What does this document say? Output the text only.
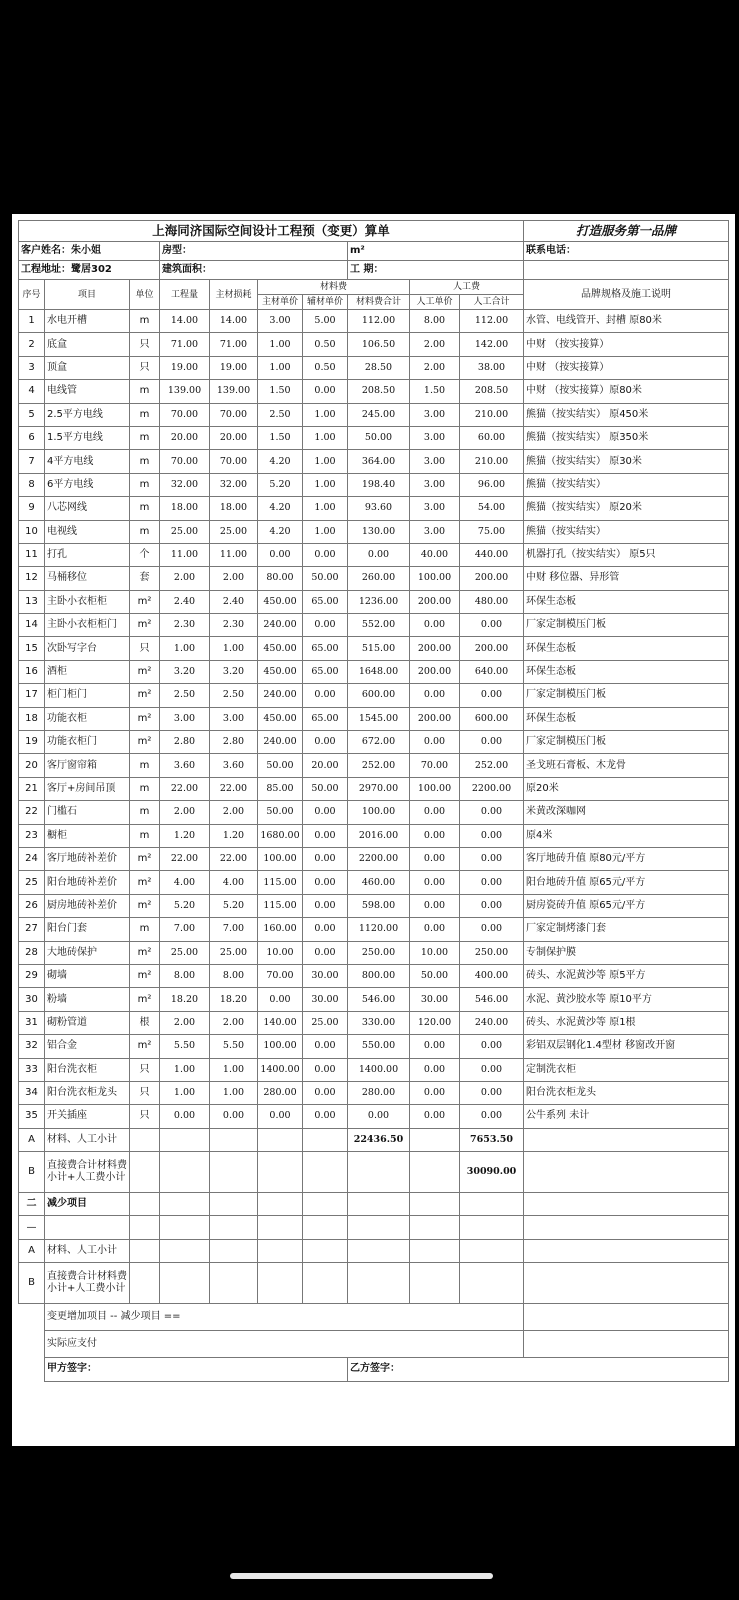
上海同济国际空间设计工程预（变更）算单										打造服务第一品牌
客户姓名：朱小姐			房型：				m²			联系电话：
工程地址：鹭居302			建筑面积：				工 期：			
序号	项目	单位	工程量	主材损耗	材料费			人工费		品牌规格及施工说明
					主材单价	辅材单价	材料费合计	人工单价	人工合计	
1	水电开槽	m	14.00	14.00	3.00	5.00	112.00	8.00	112.00	水管、电线管开、封槽 原80米
2	底盒	只	71.00	71.00	1.00	0.50	106.50	2.00	142.00	中财 （按实接算）
3	顶盒	只	19.00	19.00	1.00	0.50	28.50	2.00	38.00	中财 （按实接算）
4	电线管	m	139.00	139.00	1.50	0.00	208.50	1.50	208.50	中财 （按实接算）原80米
5	2.5平方电线	m	70.00	70.00	2.50	1.00	245.00	3.00	210.00	熊猫（按实结实） 原450米
6	1.5平方电线	m	20.00	20.00	1.50	1.00	50.00	3.00	60.00	熊猫（按实结实） 原350米
7	4平方电线	m	70.00	70.00	4.20	1.00	364.00	3.00	210.00	熊猫（按实结实） 原30米
8	6平方电线	m	32.00	32.00	5.20	1.00	198.40	3.00	96.00	熊猫（按实结实）
9	八芯网线	m	18.00	18.00	4.20	1.00	93.60	3.00	54.00	熊猫（按实结实） 原20米
10	电视线	m	25.00	25.00	4.20	1.00	130.00	3.00	75.00	熊猫（按实结实）
11	打孔	个	11.00	11.00	0.00	0.00	0.00	40.00	440.00	机器打孔（按实结实） 原5只
12	马桶移位	套	2.00	2.00	80.00	50.00	260.00	100.00	200.00	中财 移位器、异形管
13	主卧小衣柜柜	m²	2.40	2.40	450.00	65.00	1236.00	200.00	480.00	环保生态板
14	主卧小衣柜柜门	m²	2.30	2.30	240.00	0.00	552.00	0.00	0.00	厂家定制模压门板
15	次卧写字台	只	1.00	1.00	450.00	65.00	515.00	200.00	200.00	环保生态板
16	酒柜	m²	3.20	3.20	450.00	65.00	1648.00	200.00	640.00	环保生态板
17	柜门柜门	m²	2.50	2.50	240.00	0.00	600.00	0.00	0.00	厂家定制模压门板
18	功能衣柜	m²	3.00	3.00	450.00	65.00	1545.00	200.00	600.00	环保生态板
19	功能衣柜门	m²	2.80	2.80	240.00	0.00	672.00	0.00	0.00	厂家定制模压门板
20	客厅窗帘箱	m	3.60	3.60	50.00	20.00	252.00	70.00	252.00	圣戈班石膏板、木龙骨
21	客厅+房间吊顶	m	22.00	22.00	85.00	50.00	2970.00	100.00	2200.00	原20米
22	门槛石	m	2.00	2.00	50.00	0.00	100.00	0.00	0.00	米黄改深咖网
23	橱柜	m	1.20	1.20	1680.00	0.00	2016.00	0.00	0.00	原4米
24	客厅地砖补差价	m²	22.00	22.00	100.00	0.00	2200.00	0.00	0.00	客厅地砖升值 原80元/平方
25	阳台地砖补差价	m²	4.00	4.00	115.00	0.00	460.00	0.00	0.00	阳台地砖升值 原65元/平方
26	厨房地砖补差价	m²	5.20	5.20	115.00	0.00	598.00	0.00	0.00	厨房瓷砖升值 原65元/平方
27	阳台门套	m	7.00	7.00	160.00	0.00	1120.00	0.00	0.00	厂家定制烤漆门套
28	大地砖保护	m²	25.00	25.00	10.00	0.00	250.00	10.00	250.00	专制保护膜
29	砌墙	m²	8.00	8.00	70.00	30.00	800.00	50.00	400.00	砖头、水泥黄沙等 原5平方
30	粉墙	m²	18.20	18.20	0.00	30.00	546.00	30.00	546.00	水泥、黄沙胶水等 原10平方
31	砌粉管道	根	2.00	2.00	140.00	25.00	330.00	120.00	240.00	砖头、水泥黄沙等 原1根
32	铝合金	m²	5.50	5.50	100.00	0.00	550.00	0.00	0.00	彩铝双层钢化1.4型材 移窗改开窗
33	阳台洗衣柜	只	1.00	1.00	1400.00	0.00	1400.00	0.00	0.00	定制洗衣柜
34	阳台洗衣柜龙头	只	1.00	1.00	280.00	0.00	280.00	0.00	0.00	阳台洗衣柜龙头
35	开关插座	只	0.00	0.00	0.00	0.00	0.00	0.00	0.00	公牛系列 未计
A	材料、人工小计						22436.50		7653.50	
B	直接费合计材料费小计+人工费小计								30090.00	
二	减少项目									
—										
A	材料、人工小计									
B	直接费合计材料费小计+人工费小计									
	变更增加项目 -- 减少项目 ==									
	实际应支付									
	甲方签字：						乙方签字：			
